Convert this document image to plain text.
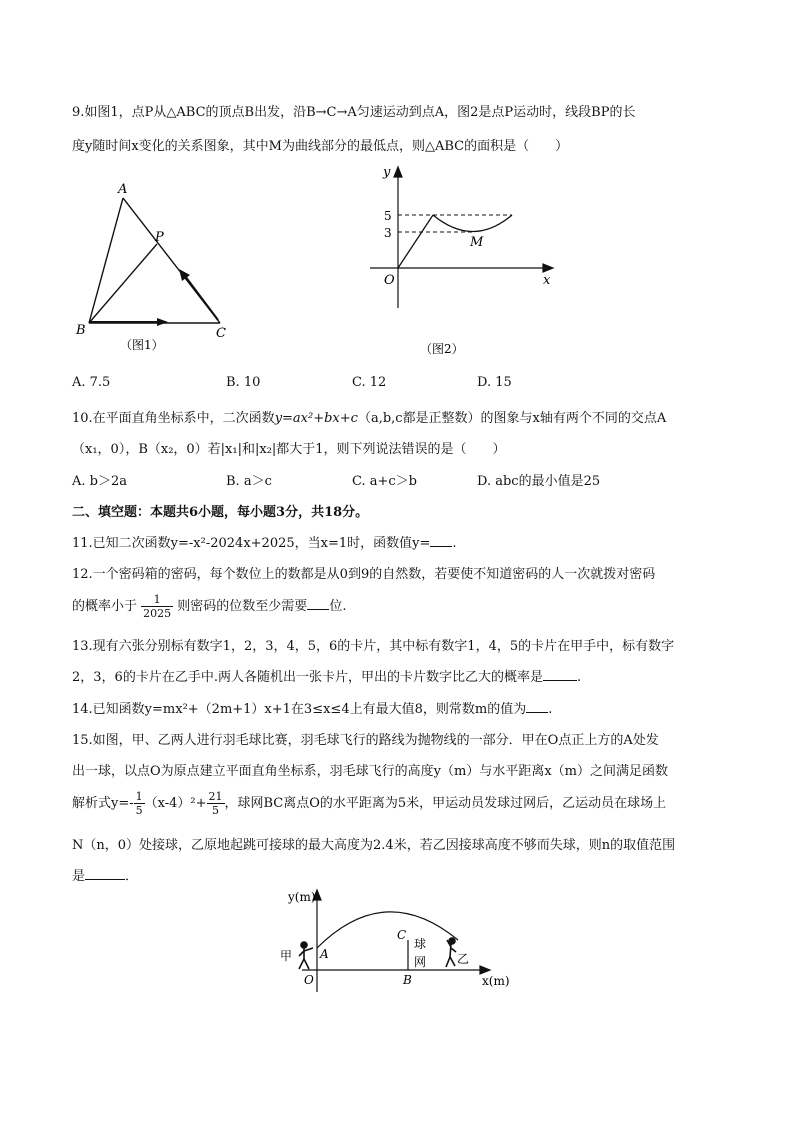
9.如图1，点P从△ABC的顶点B出发，沿B→C→A匀速运动到点A，图2是点P运动时，线段BP的长
度y随时间x变化的关系图象，其中M为曲线部分的最低点，则△ABC的面积是（　　）
A
P
B	C
（图1）
y
x
O
5
3
M
（图2）
A. 7.5	B. 10	C. 12	D. 15
10.在平面直角坐标系中，二次函数y=ax²+bx+c（a,b,c都是正整数）的图象与x轴有两个不同的交点A
（x₁，0），B（x₂，0）若|x₁|和|x₂|都大于1，则下列说法错误的是（　　）
A. b＞2a	B. a＞c	C. a+c＞b	D. abc的最小值是25
二、填空题：本题共6小题，每小题3分，共18分。
11.已知二次函数y=-x²-2024x+2025，当x=1时，函数值y= .
12.一个密码箱的密码，每个数位上的数都是从0到9的自然数，若要使不知道密码的人一次就拨对密码
的概率小于 $\frac{1}{2025}$ 则密码的位数至少需要 位.
13.现有六张分别标有数字1，2，3，4，5，6的卡片，其中标有数字1，4，5的卡片在甲手中，标有数字
2，3，6的卡片在乙手中.两人各随机出一张卡片，甲出的卡片数字比乙大的概率是	.
14.已知函数y=mx²+（2m+1）x+1在3≤x≤4上有最大值8，则常数m的值为 .
15.如图，甲、乙两人进行羽毛球比赛，羽毛球飞行的路线为抛物线的一部分．甲在O点正上方的A处发
出一球，以点O为原点建立平面直角坐标系，羽毛球飞行的高度y（m）与水平距离x（m）之间满足函数
解析式$y=- \frac{1}{5} (x-4)^2+ \frac{21}{5}$ ，球网BC离点O的水平距离为5米，甲运动员发球过网后，乙运动员在球场上
N（n，0）处接球，乙原地起跳可接球的最大高度为2.4米，若乙因接球高度不够而失球，则n的取值范围
是	．
y(m)
x(m)
O
A
B
C
球
网
甲	乙
